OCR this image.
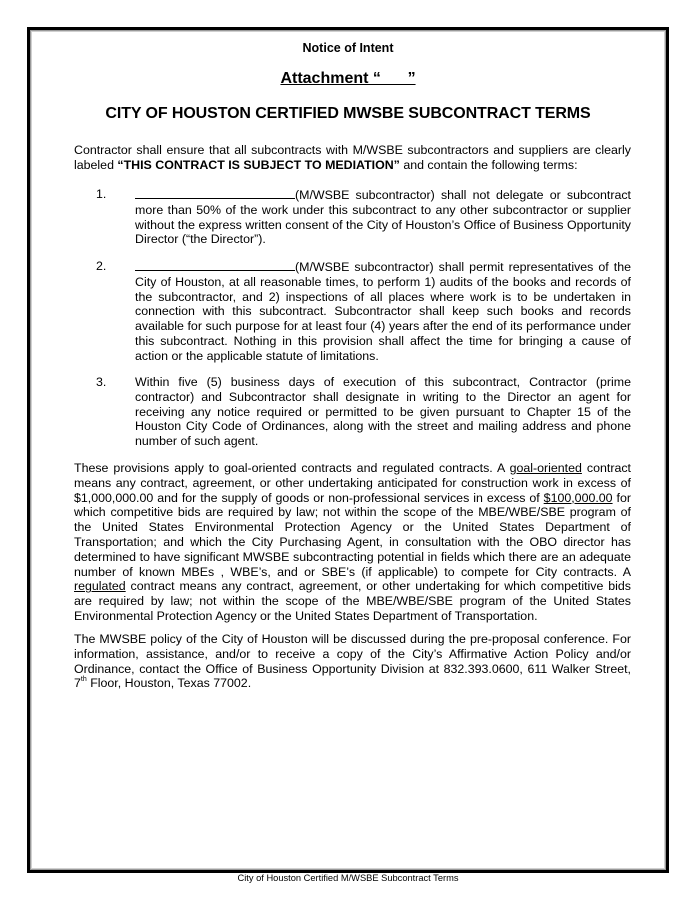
Notice of Intent
Attachment “      ”
CITY OF HOUSTON CERTIFIED MWSBE SUBCONTRACT TERMS
Contractor shall ensure that all subcontracts with M/WSBE subcontractors and suppliers are clearly labeled “THIS CONTRACT IS SUBJECT TO MEDIATION” and contain the following terms:
1.	(M/WSBE subcontractor) shall not delegate or subcontract more than 50% of the work under this subcontract to any other subcontractor or supplier without the express written consent of the City of Houston’s Office of Business Opportunity Director (“the Director”).
2.	(M/WSBE subcontractor) shall permit representatives of the City of Houston, at all reasonable times, to perform 1) audits of the books and records of the subcontractor, and 2) inspections of all places where work is to be undertaken in connection with this subcontract. Subcontractor shall keep such books and records available for such purpose for at least four (4) years after the end of its performance under this subcontract. Nothing in this provision shall affect the time for bringing a cause of action or the applicable statute of limitations.
3. Within five (5) business days of execution of this subcontract, Contractor (prime contractor) and Subcontractor shall designate in writing to the Director an agent for receiving any notice required or permitted to be given pursuant to Chapter 15 of the Houston City Code of Ordinances, along with the street and mailing address and phone number of such agent.
These provisions apply to goal-oriented contracts and regulated contracts. A goal-oriented contract means any contract, agreement, or other undertaking anticipated for construction work in excess of $1,000,000.00 and for the supply of goods or non-professional services in excess of $100,000.00 for which competitive bids are required by law; not within the scope of the MBE/WBE/SBE program of the United States Environmental Protection Agency or the United States Department of Transportation; and which the City Purchasing Agent, in consultation with the OBO director has determined to have significant MWSBE subcontracting potential in fields which there are an adequate number of known MBEs , WBE’s, and or SBE’s (if applicable) to compete for City contracts. A regulated contract means any contract, agreement, or other undertaking for which competitive bids are required by law; not within the scope of the MBE/WBE/SBE program of the United States Environmental Protection Agency or the United States Department of Transportation.
The MWSBE policy of the City of Houston will be discussed during the pre-proposal conference. For information, assistance, and/or to receive a copy of the City’s Affirmative Action Policy and/or Ordinance, contact the Office of Business Opportunity Division at 832.393.0600, 611 Walker Street, 7th Floor, Houston, Texas 77002.
City of Houston Certified M/WSBE Subcontract Terms
